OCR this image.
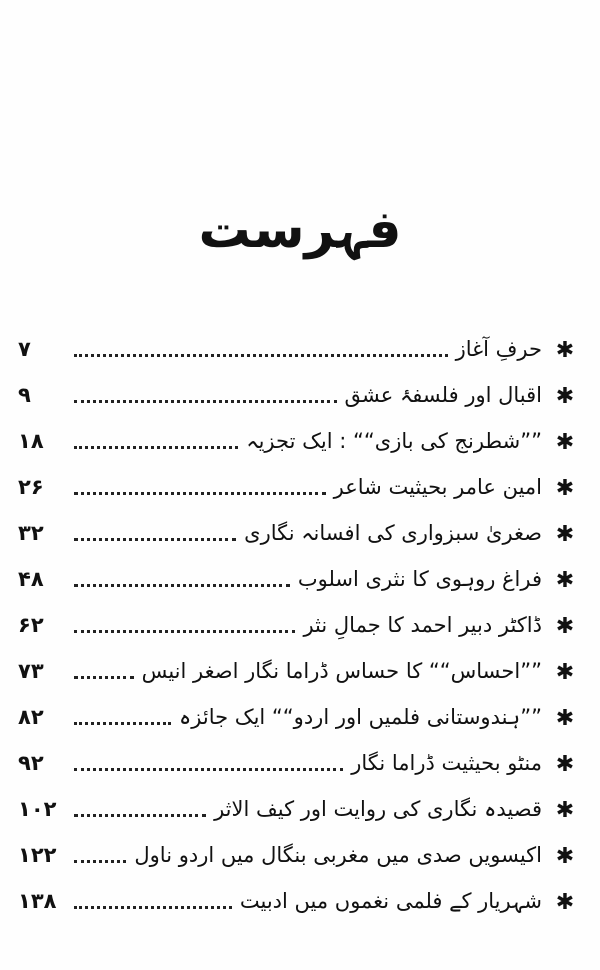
فہرست
✱
حرفِ آغاز
۷
✱
اقبال اور فلسفۂ عشق
۹
✱
””شطرنج کی بازی““ : ایک تجزیہ
۱۸
✱
امین عامر بحیثیت شاعر
۲۶
✱
صغریٰ سبزواری کی افسانہ نگاری
۳۲
✱
فراغ روہوی کا نثری اسلوب
۴۸
✱
ڈاکٹر دبیر احمد کا جمالِ نثر
۶۲
✱
””احساس““ کا حساس ڈراما نگار اصغر انیس
۷۳
✱
””ہندوستانی فلمیں اور اردو““ ایک جائزہ
۸۲
✱
منٹو بحیثیت ڈراما نگار
۹۲
✱
قصیدہ نگاری کی روایت اور کیف الاثر
۱۰۲
✱
اکیسویں صدی میں مغربی بنگال میں اردو ناول
۱۲۲
✱
شہریار کے فلمی نغموں میں ادبیت
۱۳۸
